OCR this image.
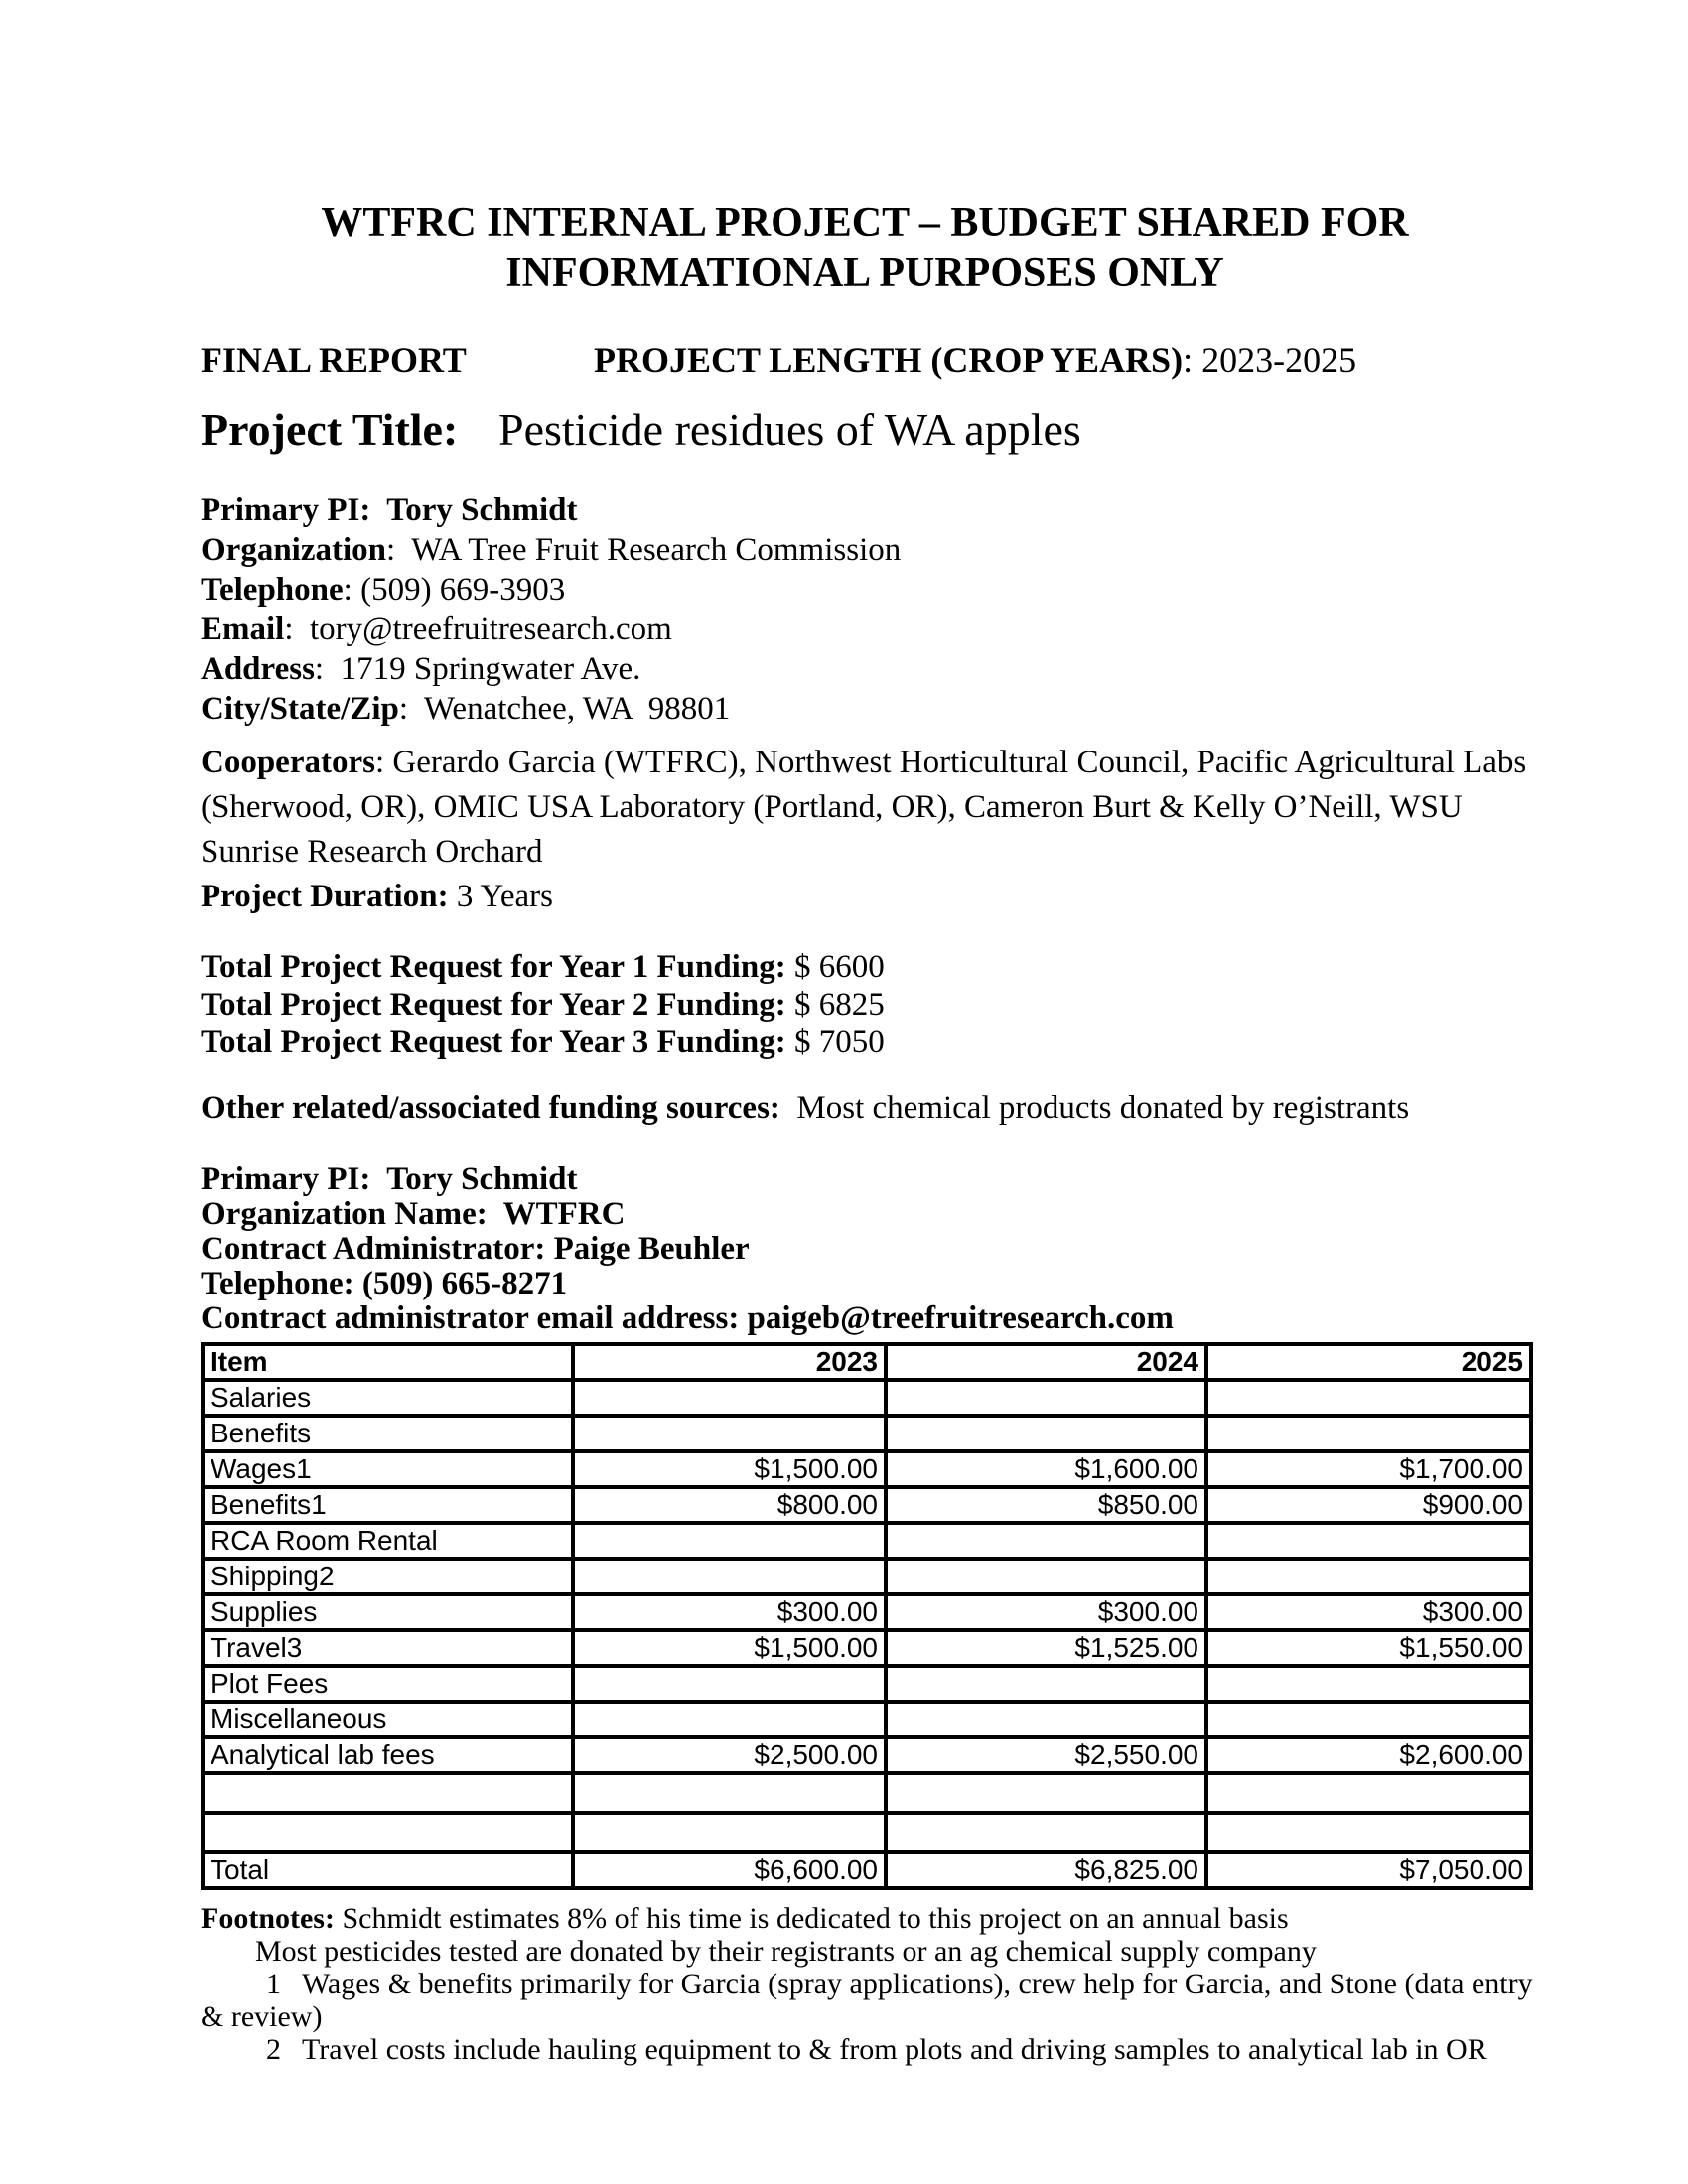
WTFRC INTERNAL PROJECT – BUDGET SHARED FOR
INFORMATIONAL PURPOSES ONLY
FINAL REPORT	PROJECT LENGTH (CROP YEARS): 2023-2025
Project Title: Pesticide residues of WA apples
Primary PI:  Tory Schmidt
Organization:  WA Tree Fruit Research Commission
Telephone: (509) 669-3903
Email:  tory@treefruitresearch.com
Address:  1719 Springwater Ave.
City/State/Zip:  Wenatchee, WA  98801
Cooperators: Gerardo Garcia (WTFRC), Northwest Horticultural Council, Pacific Agricultural Labs (Sherwood, OR), OMIC USA Laboratory (Portland, OR), Cameron Burt & Kelly O’Neill, WSU Sunrise Research Orchard
Project Duration: 3 Years
Total Project Request for Year 1 Funding: $ 6600
Total Project Request for Year 2 Funding: $ 6825
Total Project Request for Year 3 Funding: $ 7050
Other related/associated funding sources:  Most chemical products donated by registrants
Primary PI:  Tory Schmidt
Organization Name:  WTFRC
Contract Administrator: Paige Beuhler
Telephone: (509) 665-8271
Contract administrator email address: paigeb@treefruitresearch.com
Item	2023	2024	2025
Salaries			
Benefits			
Wages1	$1,500.00	$1,600.00	$1,700.00
Benefits1	$800.00	$850.00	$900.00
RCA Room Rental			
Shipping2			
Supplies	$300.00	$300.00	$300.00
Travel3	$1,500.00	$1,525.00	$1,550.00
Plot Fees			
Miscellaneous			
Analytical lab fees	$2,500.00	$2,550.00	$2,600.00

Total	$6,600.00	$6,825.00	$7,050.00
Footnotes: Schmidt estimates 8% of his time is dedicated to this project on an annual basis
Most pesticides tested are donated by their registrants or an ag chemical supply company
1 Wages & benefits primarily for Garcia (spray applications), crew help for Garcia, and Stone (data entry & review)
2 Travel costs include hauling equipment to & from plots and driving samples to analytical lab in OR
